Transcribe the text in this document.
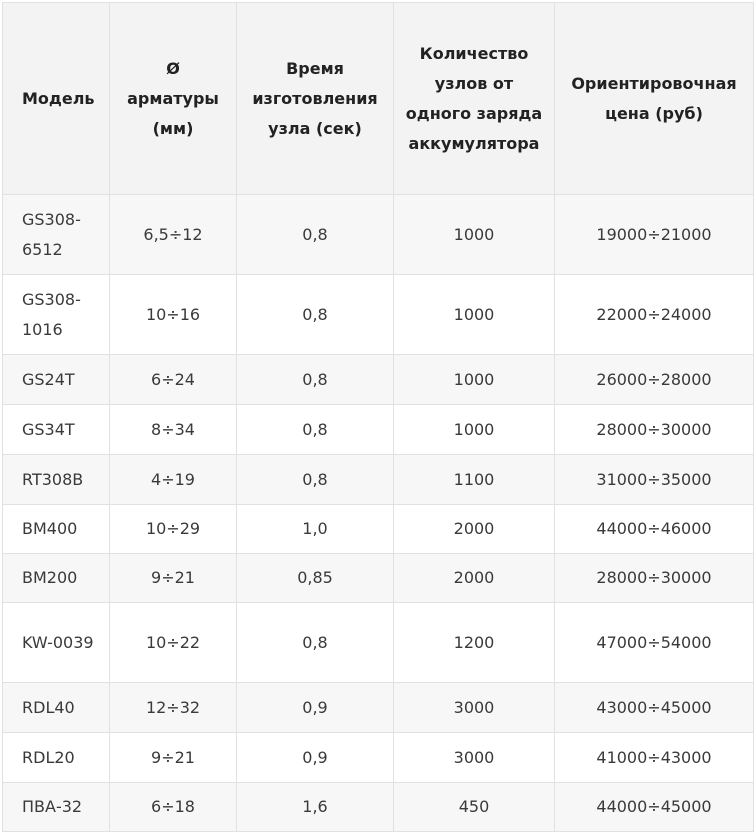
Модель	Ø арматуры (мм)	Время изготовления узла (сек)	Количество узлов от одного заряда аккумулятора	Ориентировочная цена (руб)
GS308-6512	6,5÷12	0,8	1000	19000÷21000
GS308-1016	10÷16	0,8	1000	22000÷24000
GS24T	6÷24	0,8	1000	26000÷28000
GS34T	8÷34	0,8	1000	28000÷30000
RT308B	4÷19	0,8	1100	31000÷35000
BM400	10÷29	1,0	2000	44000÷46000
BM200	9÷21	0,85	2000	28000÷30000
KW-0039	10÷22	0,8	1200	47000÷54000
RDL40	12÷32	0,9	3000	43000÷45000
RDL20	9÷21	0,9	3000	41000÷43000
ПВА-32	6÷18	1,6	450	44000÷45000
